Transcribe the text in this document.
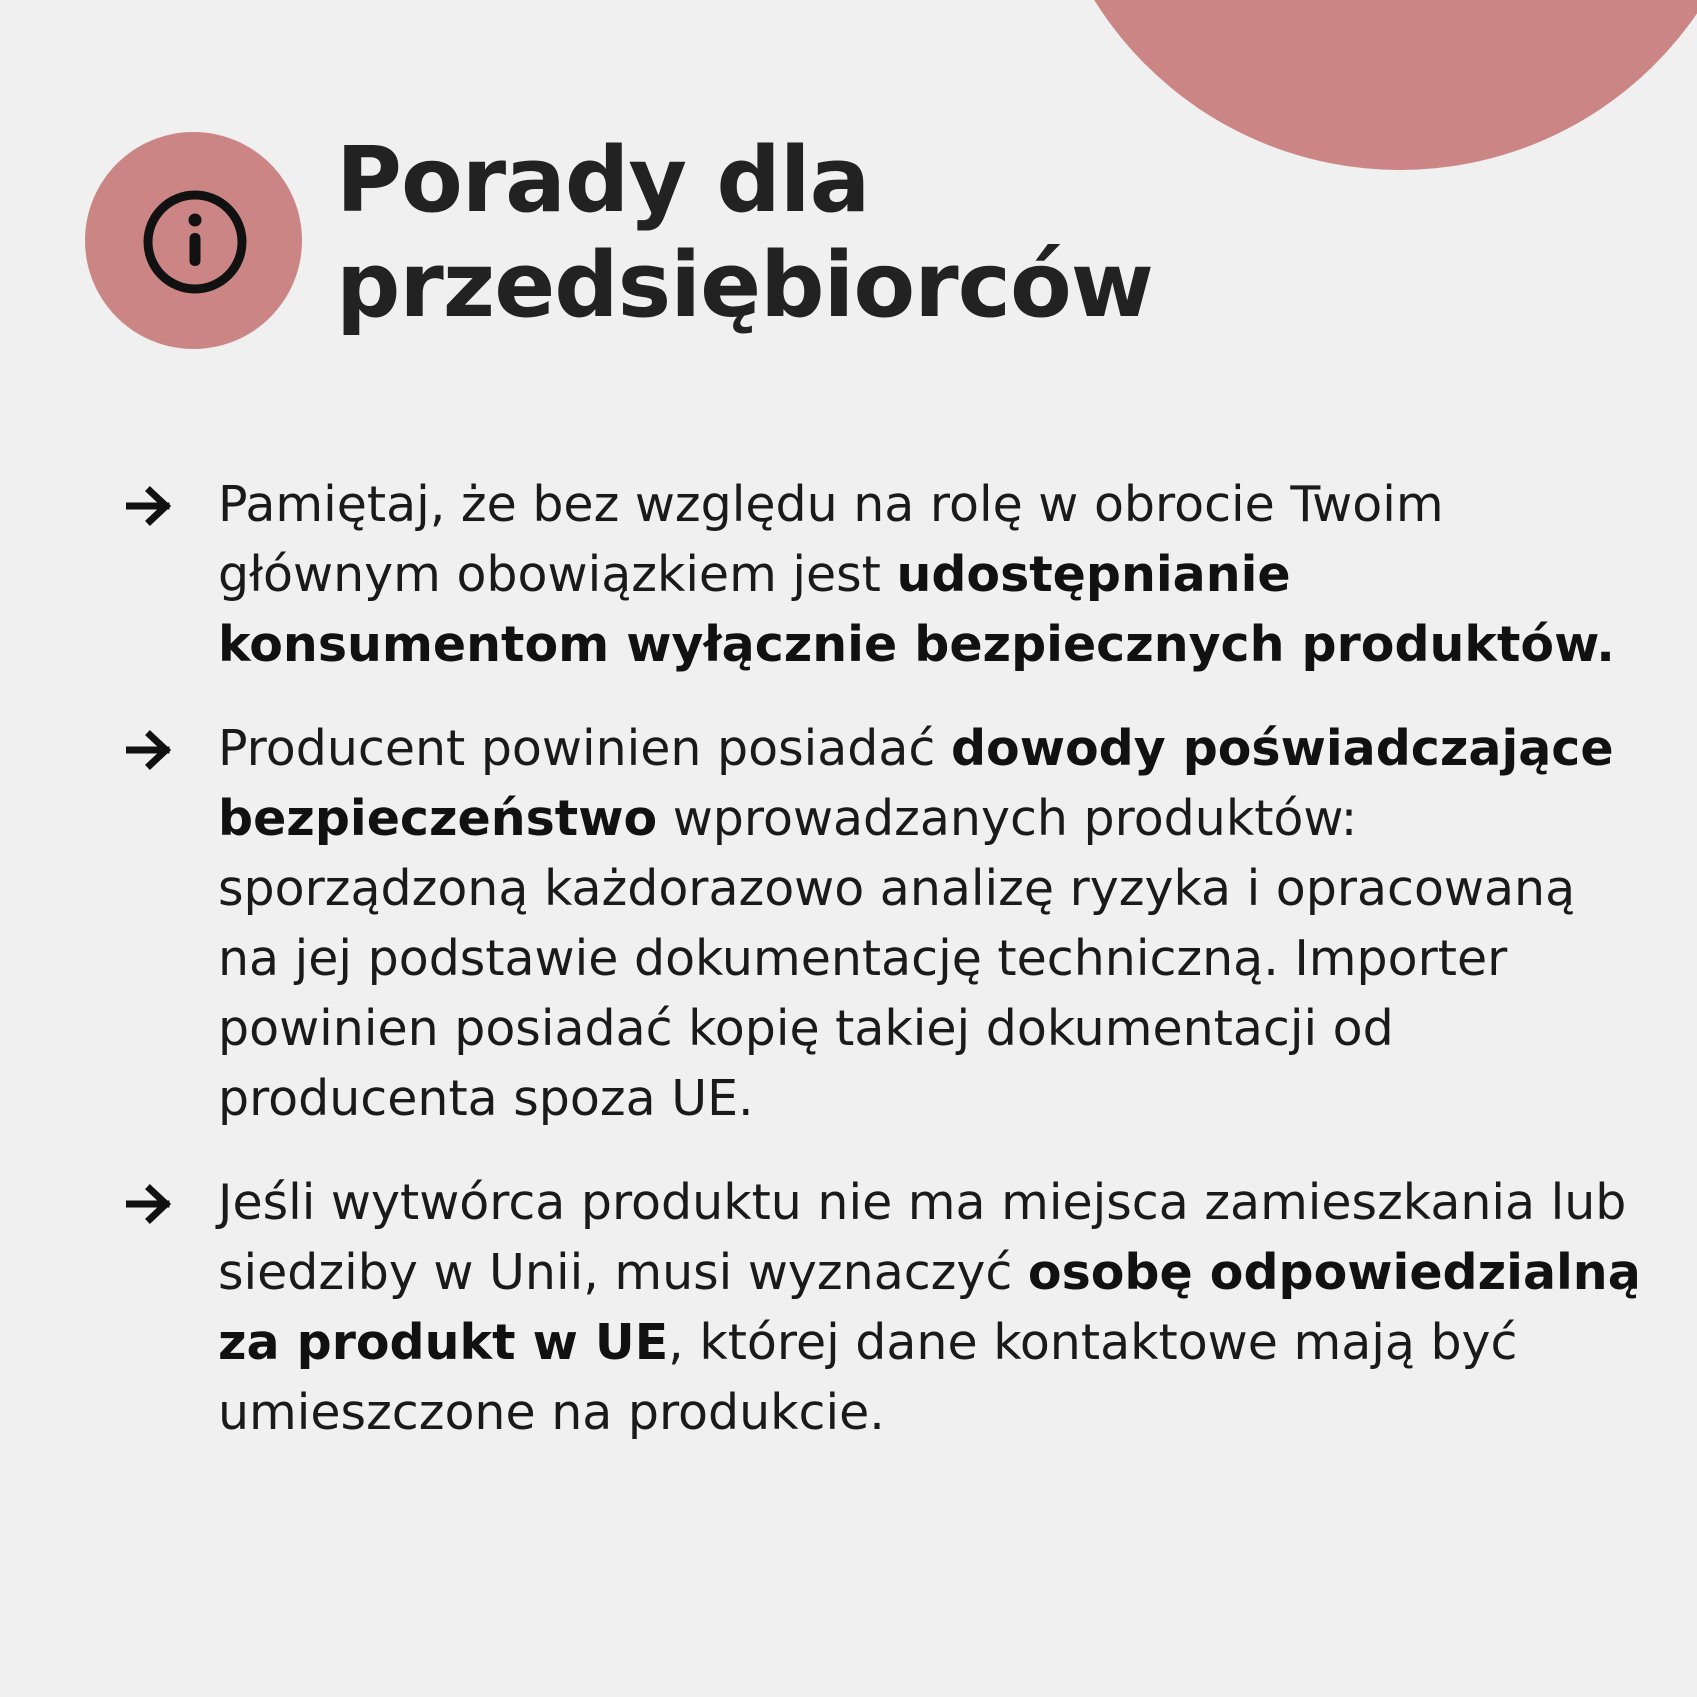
Porady dla
przedsiębiorców
Pamiętaj, że bez względu na rolę w obrocie Twoim głównym obowiązkiem jest udostępnianie konsumentom wyłącznie bezpiecznych produktów.
Producent powinien posiadać dowody poświadczające bezpieczeństwo wprowadzanych produktów: sporządzoną każdorazowo analizę ryzyka i opracowaną na jej podstawie dokumentację techniczną. Importer powinien posiadać kopię takiej dokumentacji od producenta spoza UE.
Jeśli wytwórca produktu nie ma miejsca zamieszkania lub siedziby w Unii, musi wyznaczyć osobę odpowiedzialną za produkt w UE, której dane kontaktowe mają być umieszczone na produkcie.
